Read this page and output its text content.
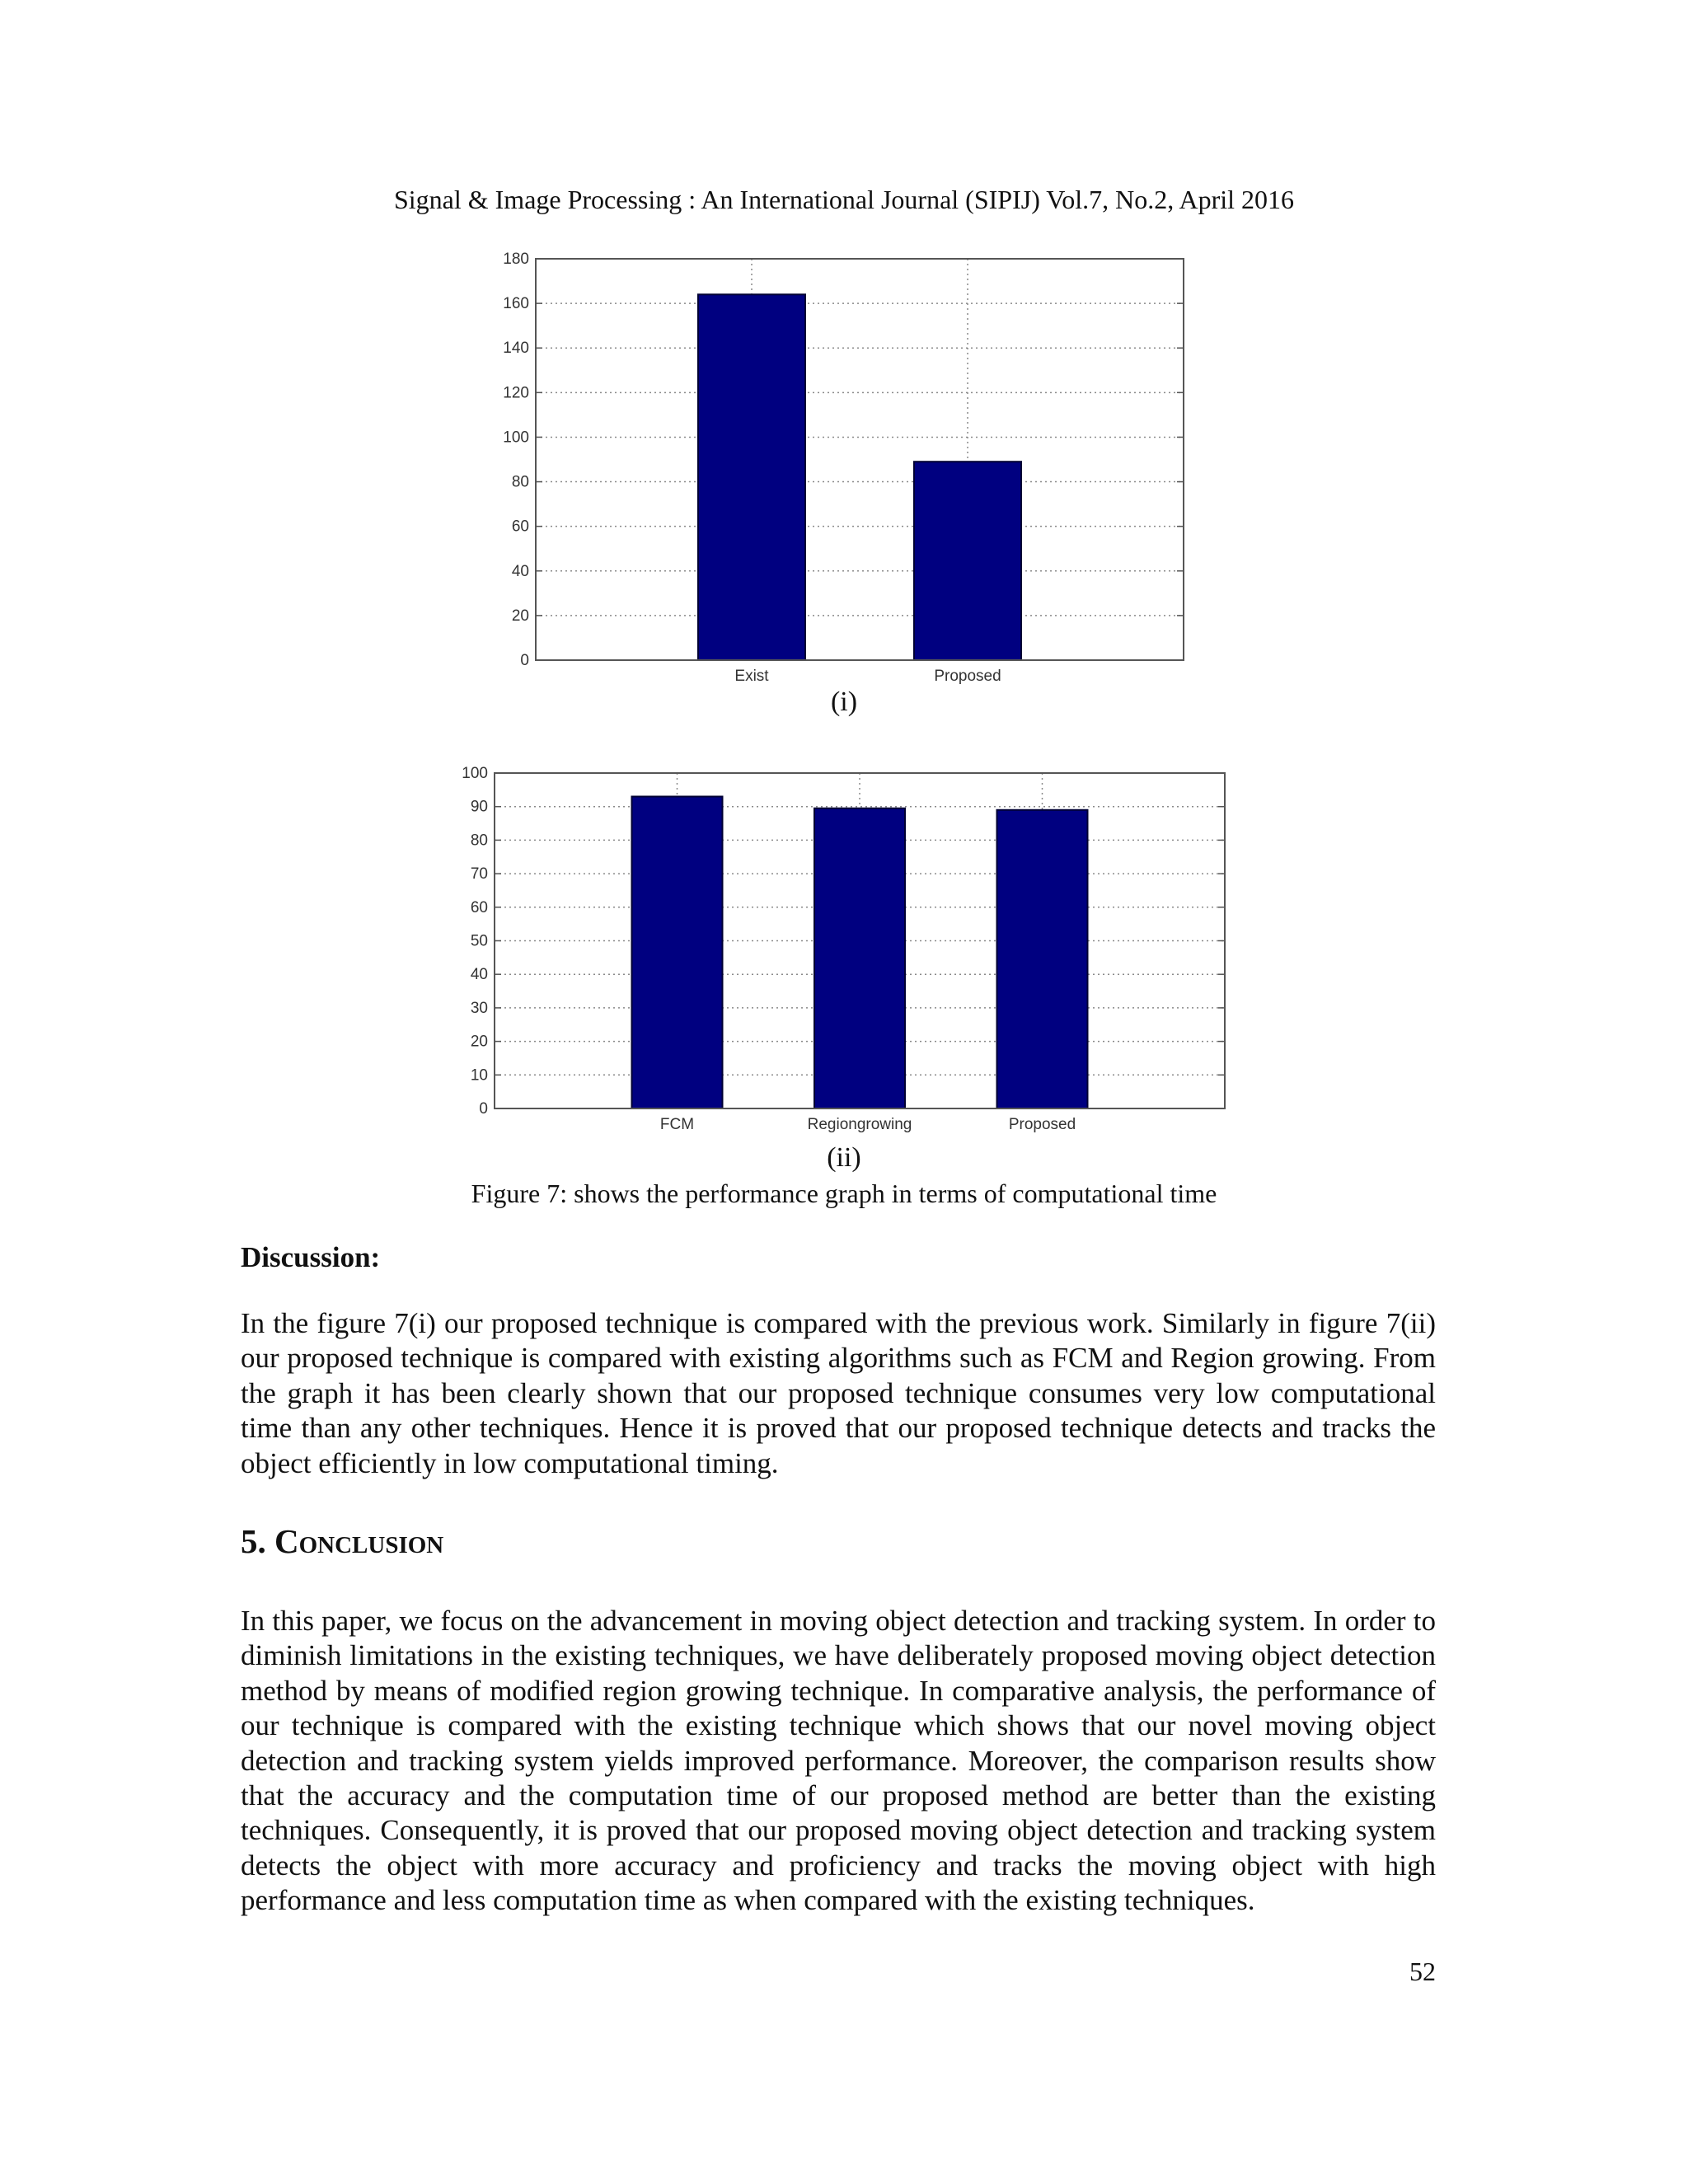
Signal & Image Processing : An International Journal (SIPIJ) Vol.7, No.2, April 2016
0
20
40
60
80
100
120
140
160
180
Exist	Proposed
(i)
0
10
20
30
40
50
60
70
80
90
100
FCM	Regiongrowing	Proposed
(ii)
Figure 7: shows the performance graph in terms of computational time
Discussion:

In the figure 7(i) our proposed technique is compared with the previous work. Similarly in figure 7(ii) our proposed technique is compared with existing algorithms such as FCM and Region growing. From the graph it has been clearly shown that our proposed technique consumes very low computational time than any other techniques. Hence it is proved that our proposed technique detects and tracks the object efficiently in low computational timing.

5. Conclusion

In this paper, we focus on the advancement in moving object detection and tracking system. In order to diminish limitations in the existing techniques, we have deliberately proposed moving object detection method by means of modified region growing technique. In comparative analysis, the performance of our technique is compared with the existing technique which shows that our novel moving object detection and tracking system yields improved performance. Moreover, the comparison results show that the accuracy and the computation time of our proposed method are better than the existing techniques. Consequently, it is proved that our proposed moving object detection and tracking system detects the object with more accuracy and proficiency and tracks the moving object with high performance and less computation time as when compared with the existing techniques.

52
